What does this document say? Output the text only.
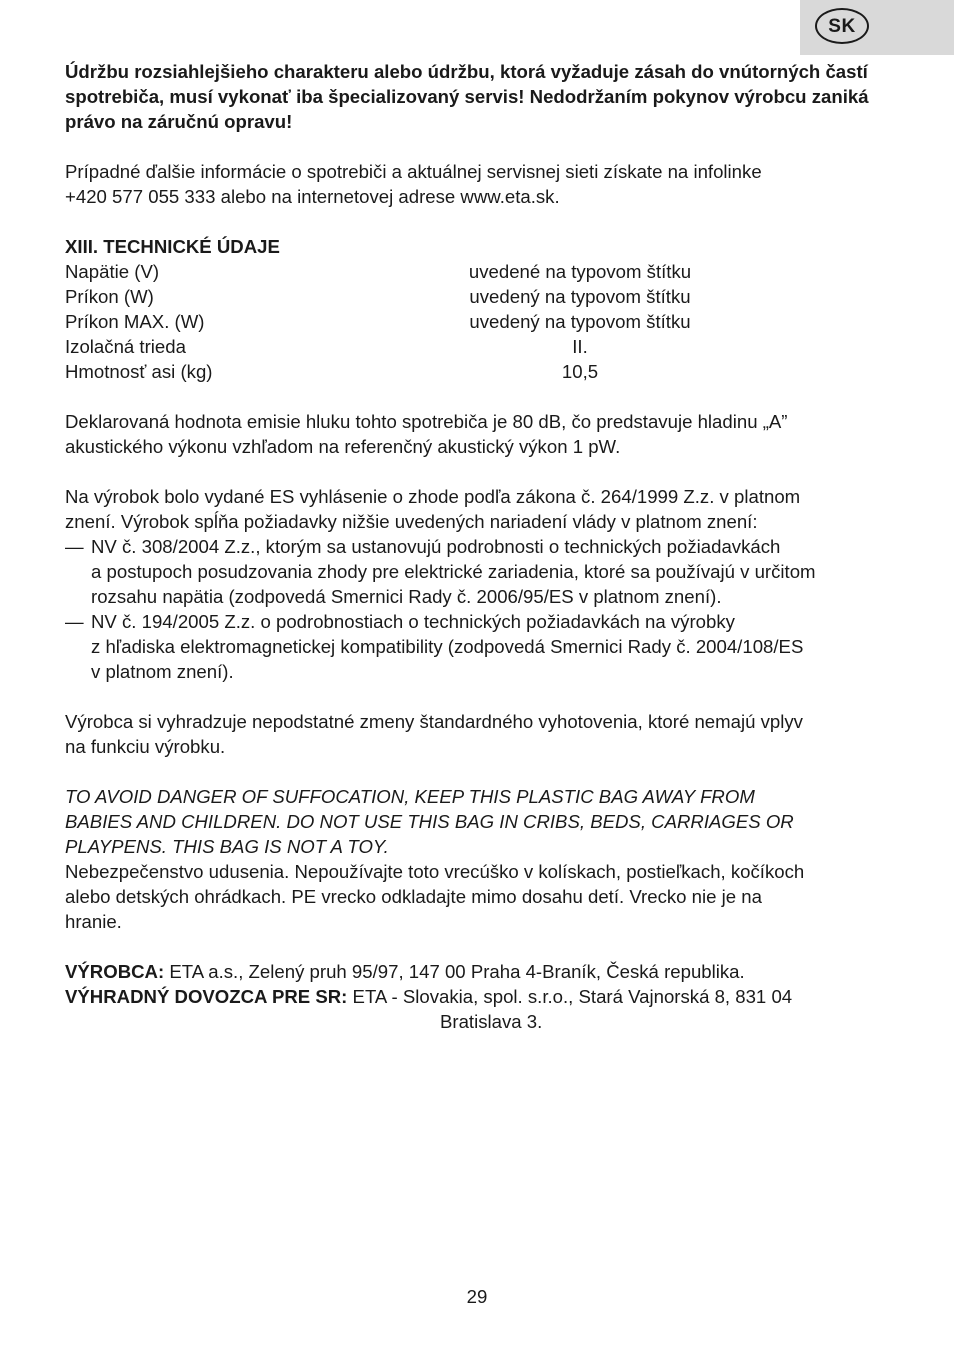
SK

Údržbu rozsiahlejšieho charakteru alebo údržbu, ktorá vyžaduje zásah do vnútorných častí spotrebiča, musí vykonať iba špecializovaný servis! Nedodržaním pokynov výrobcu zaniká právo na záručnú opravu!

Prípadné ďalšie informácie o spotrebiči a aktuálnej servisnej sieti získate na infolinke

+420 577 055 333 alebo na internetovej adrese www.eta.sk.

XIII. TECHNICKÉ ÚDAJE

Napätie (V)	uvedené na typovom štítku
Príkon (W)	uvedený na typovom štítku
Príkon MAX. (W)	uvedený na typovom štítku
Izolačná trieda	II.
Hmotnosť asi (kg)	10,5

Deklarovaná hodnota emisie hluku tohto spotrebiča je 80 dB, čo predstavuje hladinu „A”

akustického výkonu vzhľadom na referenčný akustický výkon 1 pW.

Na výrobok bolo vydané ES vyhlásenie o zhode podľa zákona č. 264/1999 Z.z. v platnom

znení. Výrobok spĺňa požiadavky nižšie uvedených nariadení vlády v platnom znení:

— NV č. 308/2004 Z.z., ktorým sa ustanovujú podrobnosti o technických požiadavkách

a postupoch posudzovania zhody pre elektrické zariadenia, ktoré sa používajú v určitom

rozsahu napätia (zodpovedá Smernici Rady č. 2006/95/ES v platnom znení).

— NV č. 194/2005 Z.z. o podrobnostiach o technických požiadavkách na výrobky

z hľadiska elektromagnetickej kompatibility (zodpovedá Smernici Rady č. 2004/108/ES

v platnom znení).

Výrobca si vyhradzuje nepodstatné zmeny štandardného vyhotovenia, ktoré nemajú vplyv

na funkciu výrobku.

TO AVOID DANGER OF SUFFOCATION, KEEP THIS PLASTIC BAG AWAY FROM

BABIES AND CHILDREN. DO NOT USE THIS BAG IN CRIBS, BEDS, CARRIAGES OR

PLAYPENS. THIS BAG IS NOT A TOY.

Nebezpečenstvo udusenia. Nepoužívajte toto vrecúško v kolískach, postieľkach, kočíkoch

alebo detských ohrádkach. PE vrecko odkladajte mimo dosahu detí. Vrecko nie je na

hranie.

VÝROBCA: ETA a.s., Zelený pruh 95/97, 147 00 Praha 4-Braník, Česká republika.

VÝHRADNÝ DOVOZCA PRE SR: ETA - Slovakia, spol. s.r.o., Stará Vajnorská 8, 831 04

Bratislava 3.

29
